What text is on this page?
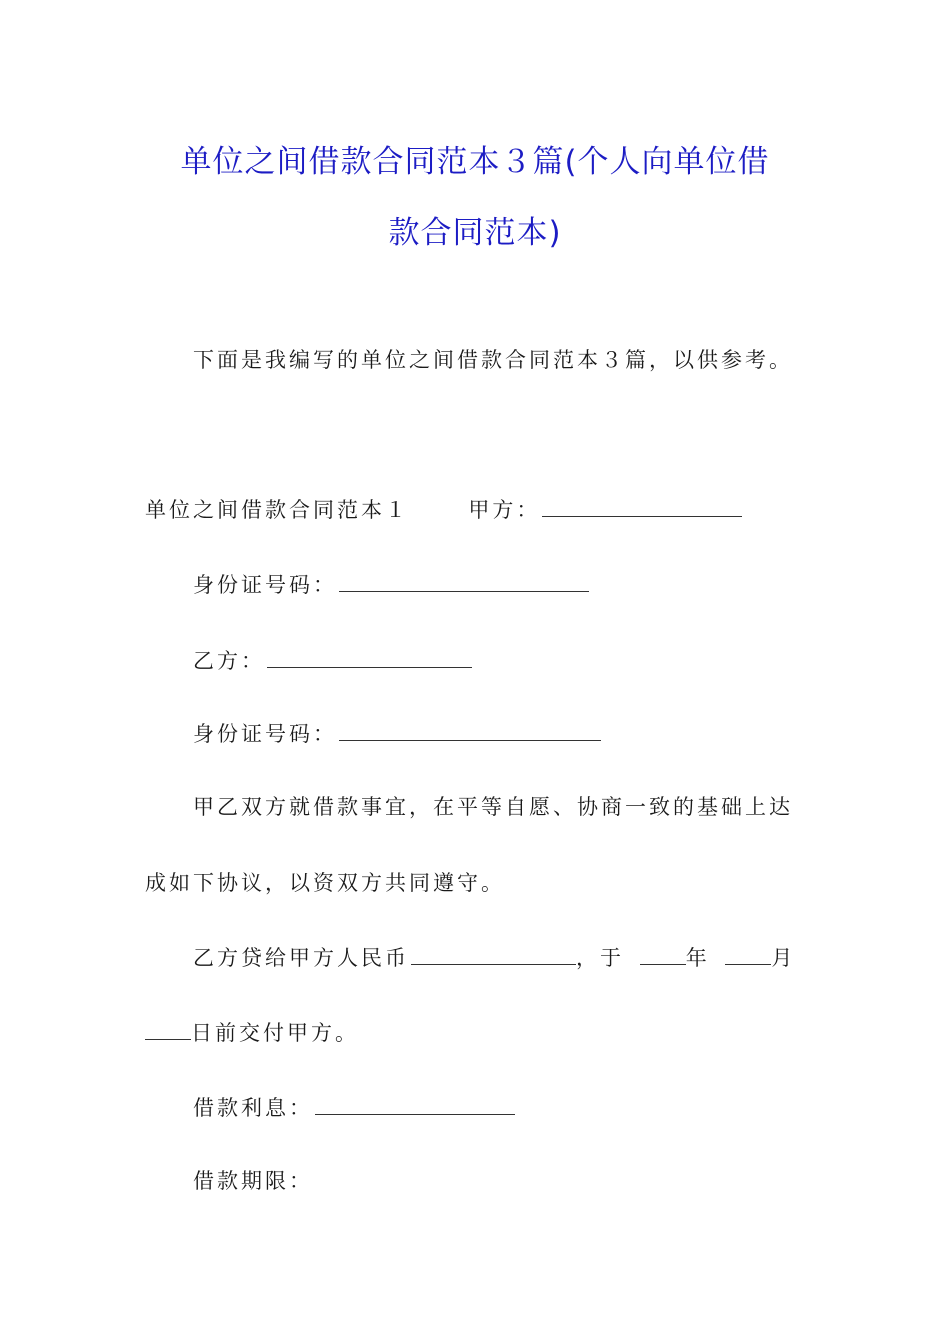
单位之间借款合同范本３篇(个人向单位借
款合同范本)
下面是我编写的单位之间借款合同范本３篇，以供参考。
单位之间借款合同范本１	甲方：
身份证号码：
乙方：
身份证号码：
甲乙双方就借款事宜，在平等自愿、协商一致的基础上达
成如下协议，以资双方共同遵守。
乙方贷给甲方人民币	，于	年	月
日前交付甲方。
借款利息：
借款期限：
